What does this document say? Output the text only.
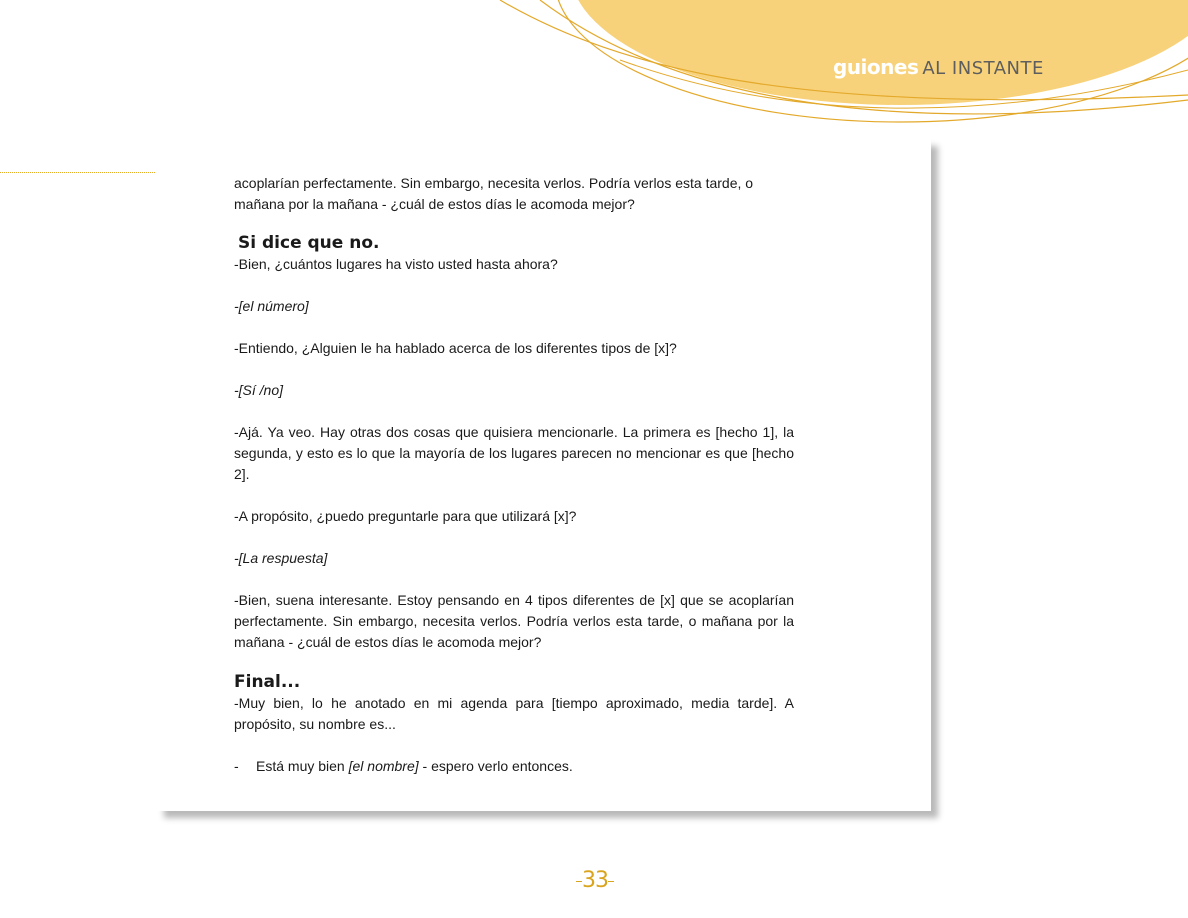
guiones AL INSTANTE

acoplarían perfectamente. Sin embargo, necesita verlos. Podría verlos esta tarde, o mañana por la mañana - ¿cuál de estos días le acomoda mejor?

Si dice que no.

-Bien, ¿cuántos lugares ha visto usted hasta ahora?

-[el número]

-Entiendo, ¿Alguien le ha hablado acerca de los diferentes tipos de [x]?

-[Sí /no]

-Ajá. Ya veo. Hay otras dos cosas que quisiera mencionarle. La primera es [hecho 1], la segunda, y esto es lo que la mayoría de los lugares parecen no mencionar es que [hecho 2].

-A propósito, ¿puedo preguntarle para que utilizará [x]?

-[La respuesta]

-Bien, suena interesante. Estoy pensando en 4 tipos diferentes de [x] que se acoplarían perfectamente. Sin embargo, necesita verlos. Podría verlos esta tarde, o mañana por la mañana - ¿cuál de estos días le acomoda mejor?

Final...

-Muy bien, lo he anotado en mi agenda para [tiempo aproximado, media tarde]. A propósito, su nombre es...

- Está muy bien [el nombre] - espero verlo entonces.

33
